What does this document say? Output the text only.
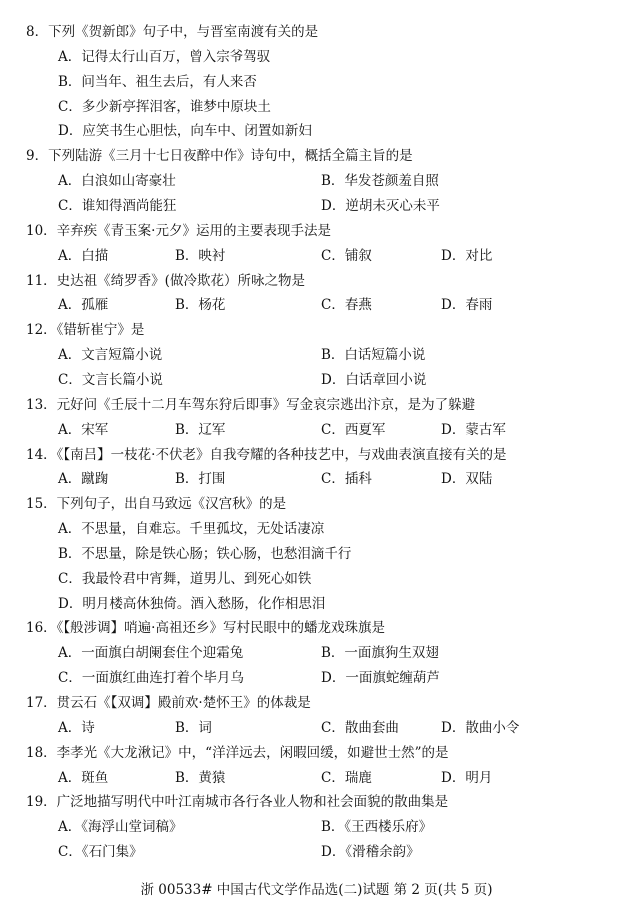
8．下列《贺新郎》句子中，与晋室南渡有关的是
A．记得太行山百万，曾入宗爷驾驭
B．问当年、祖生去后，有人来否
C．多少新亭挥泪客，谁梦中原块土
D．应笑书生心胆怯，向车中、闭置如新妇
9．下列陆游《三月十七日夜醉中作》诗句中，概括全篇主旨的是
A．白浪如山寄豪壮	B．华发苍颜羞自照
C．谁知得酒尚能狂	D．逆胡未灭心未平
10．辛弃疾《青玉案·元夕》运用的主要表现手法是
A．白描	B．映衬	C．铺叙	D．对比
11．史达祖《绮罗香》(做冷欺花）所咏之物是
A．孤雁	B．杨花	C．春燕	D．春雨
12．《错斩崔宁》是
A．文言短篇小说	B．白话短篇小说
C．文言长篇小说	D．白话章回小说
13．元好问《壬辰十二月车驾东狩后即事》写金哀宗逃出汴京，是为了躲避
A．宋军	B．辽军	C．西夏军	D．蒙古军
14．《【南吕】一枝花·不伏老》自我夸耀的各种技艺中，与戏曲表演直接有关的是
A．蹴踘	B．打围	C．插科	D．双陆
15．下列句子，出自马致远《汉宫秋》的是
A．不思量，自难忘。千里孤坟，无处话凄凉
B．不思量，除是铁心肠；铁心肠，也愁泪滴千行
C．我最怜君中宵舞，道男儿、到死心如铁
D．明月楼高休独倚。酒入愁肠，化作相思泪
16．《【般涉调】哨遍·高祖还乡》写村民眼中的蟠龙戏珠旗是
A．一面旗白胡阑套住个迎霜兔	B．一面旗狗生双翅
C．一面旗红曲连打着个毕月乌	D．一面旗蛇缠葫芦
17．贯云石《【双调】殿前欢·楚怀王》的体裁是
A．诗	B．词	C．散曲套曲	D．散曲小令
18．李孝光《大龙湫记》中，“洋洋远去，闲暇回缓，如避世士然”的是
A．斑鱼	B．黄猿	C．瑞鹿	D．明月
19．广泛地描写明代中叶江南城市各行各业人物和社会面貌的散曲集是
A．《海浮山堂词稿》	B．《王西楼乐府》
C．《石门集》	D．《滑稽余韵》
浙 00533# 中国古代文学作品选(二)试题 第 2 页(共 5 页)
